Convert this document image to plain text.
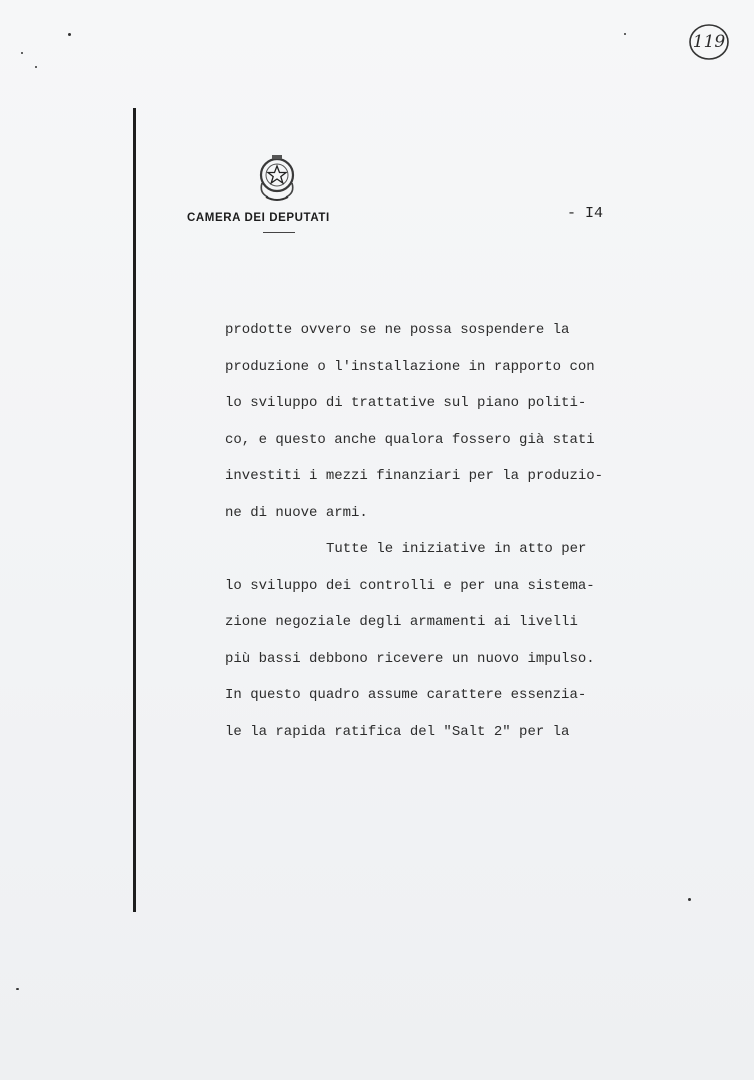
CAMERA DEI DEPUTATI	- I4
119
prodotte ovvero se ne possa sospendere la
produzione o l'installazione in rapporto con
lo sviluppo di trattative sul piano politi-
co, e questo anche qualora fossero già stati
investiti i mezzi finanziari per la produzio-
ne di nuove armi.
Tutte le iniziative in atto per
lo sviluppo dei controlli e per una sistema-
zione negoziale degli armamenti ai livelli
più bassi debbono ricevere un nuovo impulso.
In questo quadro assume carattere essenzia-
le la rapida ratifica del "Salt 2" per la
